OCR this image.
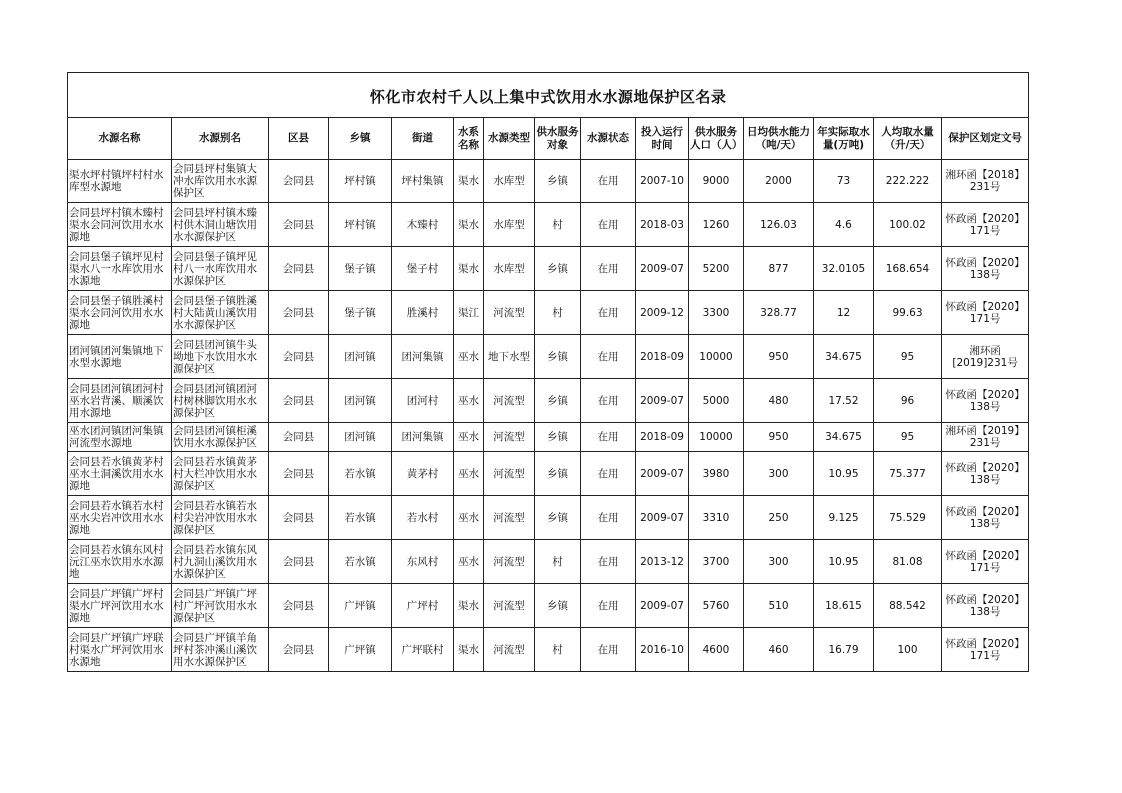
怀化市农村千人以上集中式饮用水水源地保护区名录														
水源名称	水源别名	区县	乡镇	街道	水系名称	水源类型	供水服务对象	水源状态	投入运行时间	供水服务人口（人）	日均供水能力（吨/天）	年实际取水量(万吨)	人均取水量（升/天）	保护区划定文号
渠水坪村镇坪村村水库型水源地	会同县坪村集镇大冲水库饮用水水源保护区	会同县	坪村镇	坪村集镇	渠水	水库型	乡镇	在用	2007-10	9000	2000	73	222.222	湘环函【2018】231号
会同县坪村镇木臻村渠水会同河饮用水水源地	会同县坪村镇木臻村供木洞山塘饮用水水源保护区	会同县	坪村镇	木臻村	渠水	水库型	村	在用	2018-03	1260	126.03	4.6	100.02	怀政函【2020】171号
会同县堡子镇坪见村渠水八一水库饮用水水源地	会同县堡子镇坪见村八一水库饮用水水源保护区	会同县	堡子镇	堡子村	渠水	水库型	乡镇	在用	2009-07	5200	877	32.0105	168.654	怀政函【2020】138号
会同县堡子镇胜溪村渠水会同河饮用水水源地	会同县堡子镇胜溪村大陆黄山溪饮用水水源保护区	会同县	堡子镇	胜溪村	渠江	河流型	村	在用	2009-12	3300	328.77	12	99.63	怀政函【2020】171号
团河镇团河集镇地下水型水源地	会同县团河镇牛头坳地下水饮用水水源保护区	会同县	团河镇	团河集镇	巫水	地下水型	乡镇	在用	2018-09	10000	950	34.675	95	湘环函[2019]231号
会同县团河镇团河村巫水岩背溪、顺溪饮用水源地	会同县团河镇团河村树林脚饮用水水源保护区	会同县	团河镇	团河村	巫水	河流型	乡镇	在用	2009-07	5000	480	17.52	96	怀政函【2020】138号
巫水团河镇团河集镇河流型水源地	会同县团河镇柜溪饮用水水源保护区	会同县	团河镇	团河集镇	巫水	河流型	乡镇	在用	2018-09	10000	950	34.675	95	湘环函【2019】231号
会同县若水镇黄茅村巫水土洞溪饮用水水源地	会同县若水镇黄茅村大栏冲饮用水水源保护区	会同县	若水镇	黄茅村	巫水	河流型	乡镇	在用	2009-07	3980	300	10.95	75.377	怀政函【2020】138号
会同县若水镇若水村巫水尖岩冲饮用水水源地	会同县若水镇若水村尖岩冲饮用水水源保护区	会同县	若水镇	若水村	巫水	河流型	乡镇	在用	2009-07	3310	250	9.125	75.529	怀政函【2020】138号
会同县若水镇东风村沅江巫水饮用水水源地	会同县若水镇东风村九洞山溪饮用水水源保护区	会同县	若水镇	东风村	巫水	河流型	村	在用	2013-12	3700	300	10.95	81.08	怀政函【2020】171号
会同县广坪镇广坪村渠水广坪河饮用水水源地	会同县广坪镇广坪村广坪河饮用水水源保护区	会同县	广坪镇	广坪村	渠水	河流型	乡镇	在用	2009-07	5760	510	18.615	88.542	怀政函【2020】138号
会同县广坪镇广坪联村渠水广坪河饮用水水源地	会同县广坪镇羊角坪村茶冲溪山溪饮用水水源保护区	会同县	广坪镇	广坪联村	渠水	河流型	村	在用	2016-10	4600	460	16.79	100	怀政函【2020】171号
